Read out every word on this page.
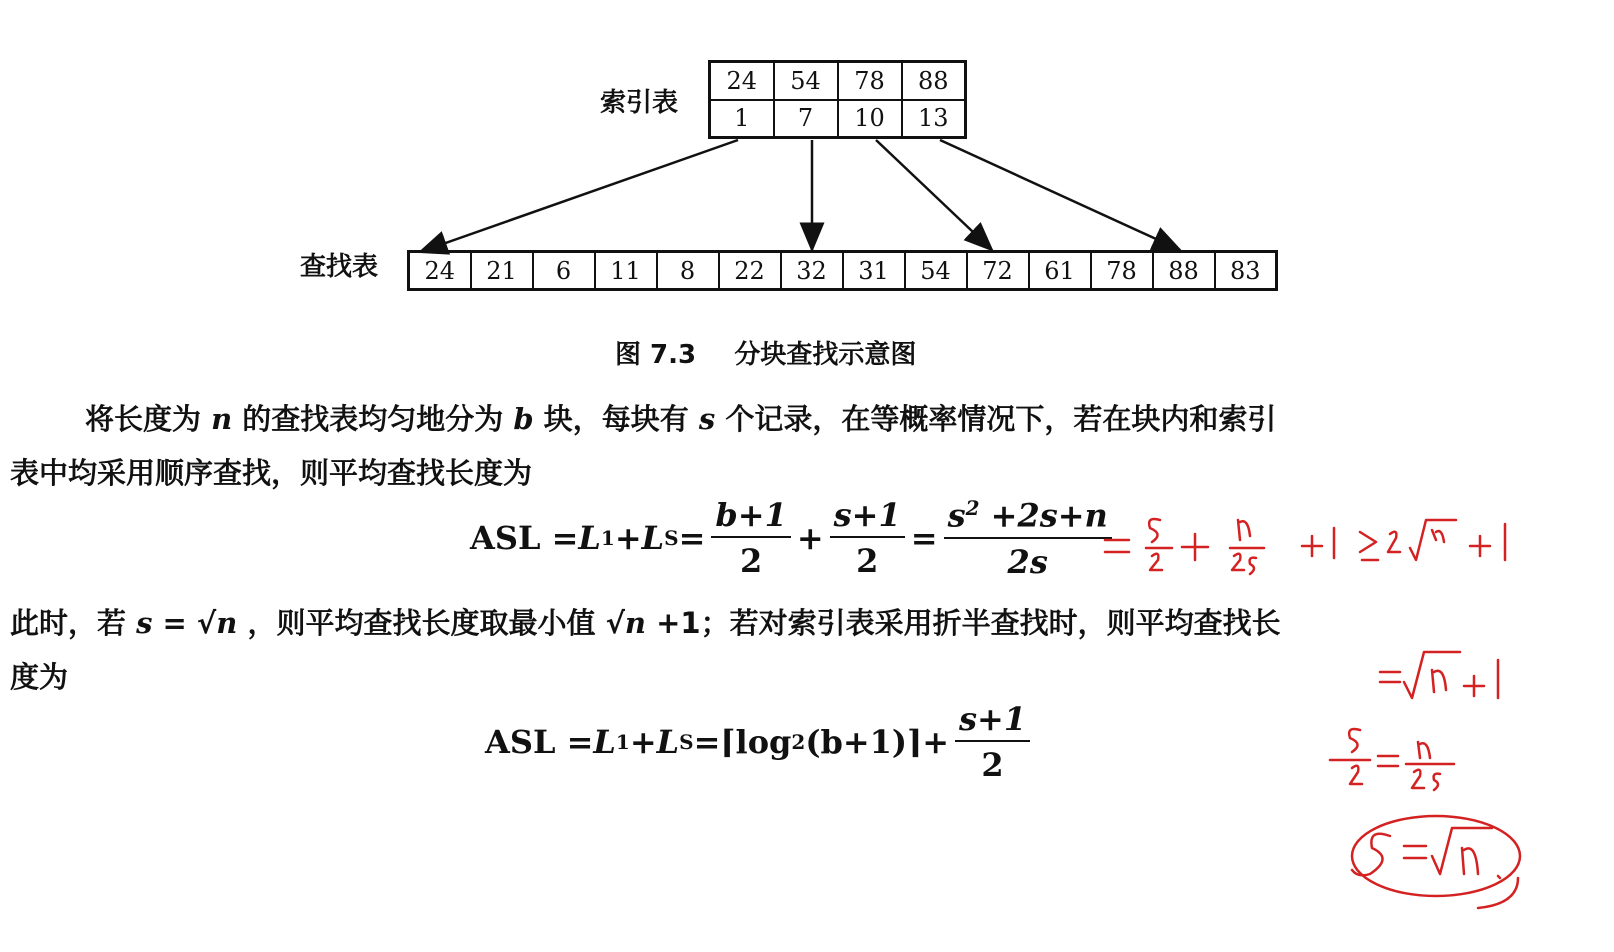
索引表
24	54	78	88
1	7	10	13
查找表 24	21	6	11	8	22	32	31	54	72	61	78	88	83
图 7.3 分块查找示意图
将长度为 n 的查找表均匀地分为 b 块，每块有 s 个记录，在等概率情况下，若在块内和索引
表中均采用顺序查找，则平均查找长度为
ASL = L 1 + L $S = \frac{b+1}{2} + \frac{s+1}{2} = \frac{s^2 +2s+n}{2s}$
此时，若 s = √n ，则平均查找长度取最小值 √n +1；若对索引表采用折半查找时，则平均查找长
度为
ASL = L 1 + L S = ⌈log 2 (b+1)⌉ + $\frac{s+1}{2}$
